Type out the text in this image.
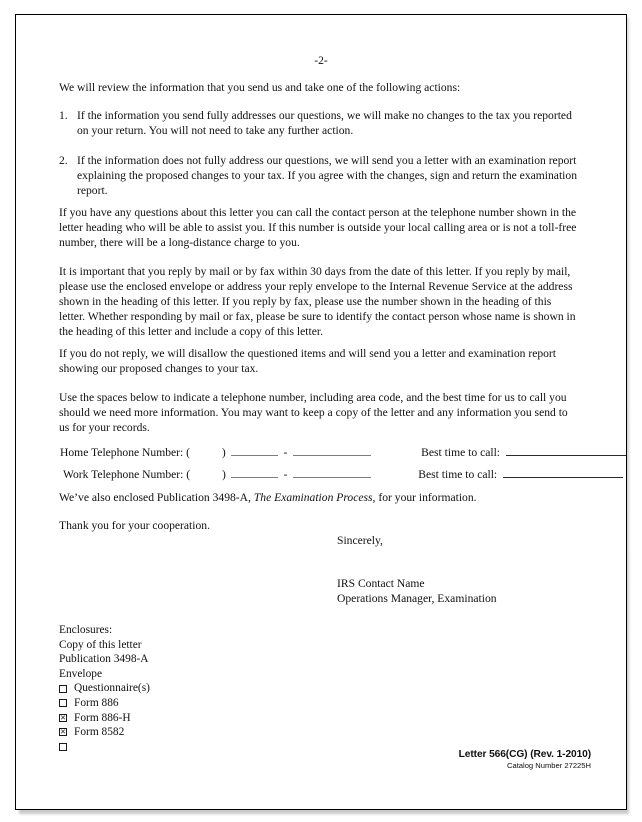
-2-
We will review the information that you send us and take one of the following actions:
1. If the information you send fully addresses our questions, we will make no changes to the tax you reported on your return. You will not need to take any further action.
2. If the information does not fully address our questions, we will send you a letter with an examination report explaining the proposed changes to your tax. If you agree with the changes, sign and return the examination report.
If you have any questions about this letter you can call the contact person at the telephone number shown in the letter heading who will be able to assist you. If this number is outside your local calling area or is not a toll-free number, there will be a long-distance charge to you.
It is important that you reply by mail or by fax within 30 days from the date of this letter. If you reply by mail, please use the enclosed envelope or address your reply envelope to the Internal Revenue Service at the address shown in the heading of this letter. If you reply by fax, please use the number shown in the heading of this letter. Whether responding by mail or fax, please be sure to identify the contact person whose name is shown in the heading of this letter and include a copy of this letter.
If you do not reply, we will disallow the questioned items and will send you a letter and examination report showing our proposed changes to your tax.
Use the spaces below to indicate a telephone number, including area code, and the best time for us to call you should we need more information. You may want to keep a copy of the letter and any information you send to us for your records.
Home Telephone Number: (	)	-	Best time to call:
Work Telephone Number: (	)	-	Best time to call:
We’ve also enclosed Publication 3498-A, The Examination Process, for your information.
Thank you for your cooperation.
Sincerely,
IRS Contact Name
Operations Manager, Examination
Enclosures:
Copy of this letter
Publication 3498-A
Envelope
Questionnaire(s)
Form 886
×
Form 886-H
×
Form 8582
Letter 566(CG) (Rev. 1-2010)
Catalog Number 27225H
